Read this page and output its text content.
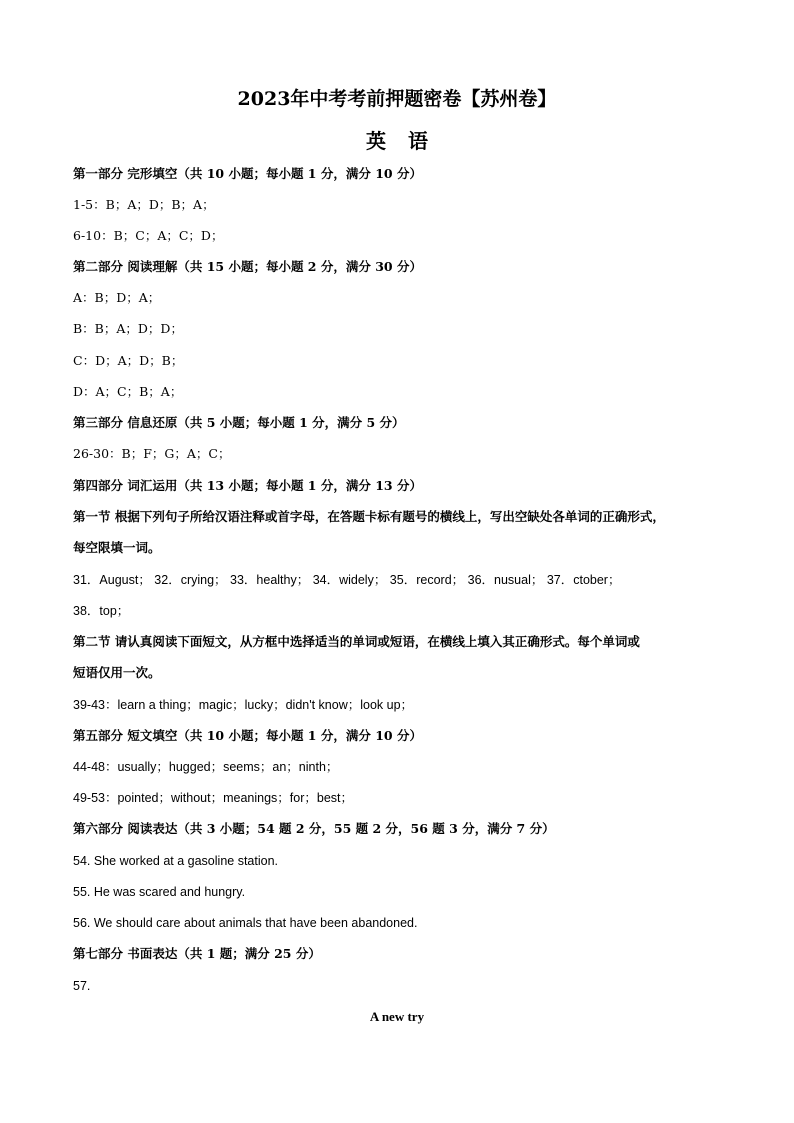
2023年中考考前押题密卷【苏州卷】
英语
第一部分 完形填空（共 10 小题；每小题 1 分，满分 10 分）
1-5：B；A；D；B；A；
6-10：B；C；A；C；D；
第二部分 阅读理解（共 15 小题；每小题 2 分，满分 30 分）
A：B；D；A；
B：B；A；D；D；
C：D；A；D；B；
D：A；C；B；A；
第三部分 信息还原（共 5 小题；每小题 1 分，满分 5 分）
26-30：B；F；G；A；C；
第四部分 词汇运用（共 13 小题；每小题 1 分，满分 13 分）
第一节 根据下列句子所给汉语注释或首字母，在答题卡标有题号的横线上，写出空缺处各单词的正确形式，
每空限填一词。
31．August； 32．crying； 33．healthy； 34．widely； 35．record； 36．nusual； 37．ctober；
38．top；
第二节 请认真阅读下面短文，从方框中选择适当的单词或短语，在横线上填入其正确形式。每个单词或
短语仅用一次。
39-43：learn a thing；magic；lucky；didn't know；look up；
第五部分 短文填空（共 10 小题；每小题 1 分，满分 10 分）
44-48：usually；hugged；seems；an；ninth；
49-53：pointed；without；meanings；for；best；
第六部分 阅读表达（共 3 小题；54 题 2 分，55 题 2 分，56 题 3 分，满分 7 分）
54. She worked at a gasoline station.
55. He was scared and hungry.
56. We should care about animals that have been abandoned.
第七部分 书面表达（共 1 题；满分 25 分）
57.
A new try
